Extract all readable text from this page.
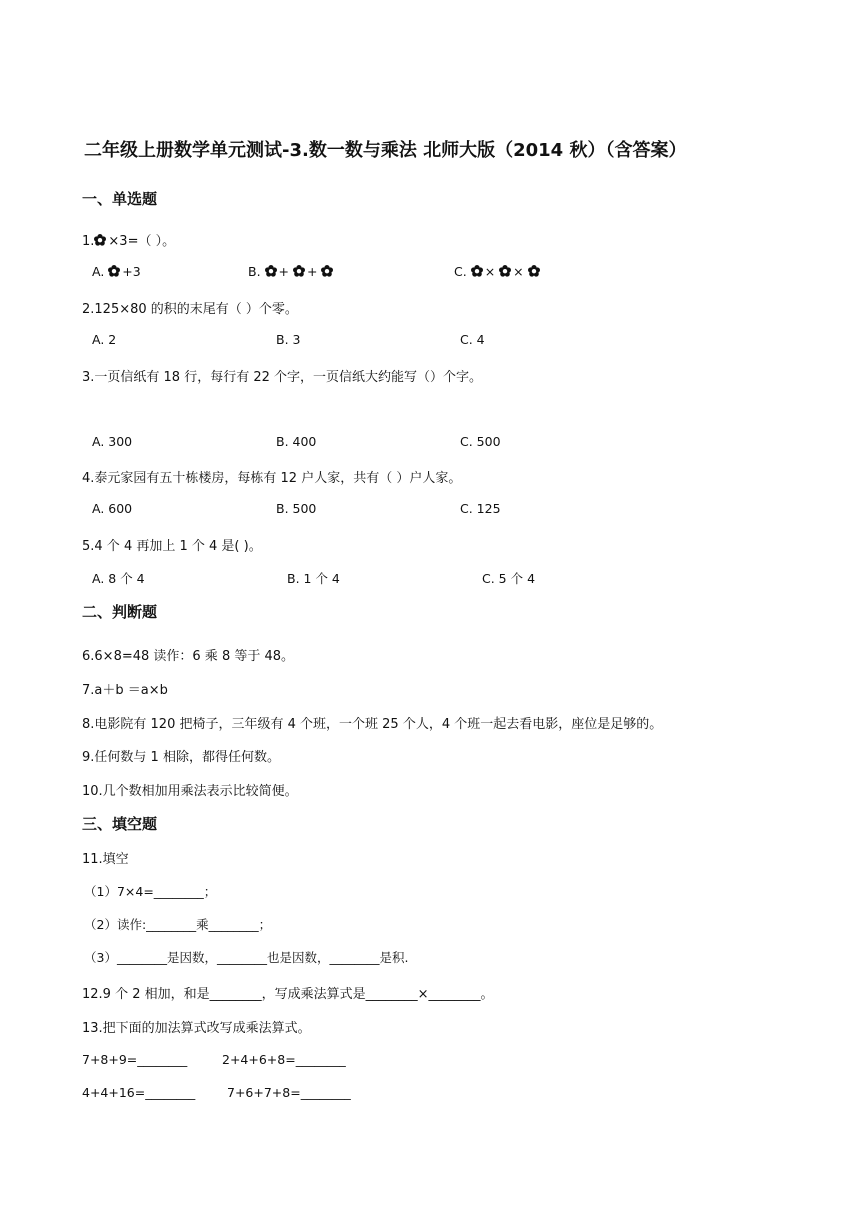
二年级上册数学单元测试-3.数一数与乘法 北师大版（2014 秋）（含答案）
一、单选题
1. ×3=（ ）。
A. +3	B. + +	C. × ×
2.125×80 的积的末尾有（ ）个零。
A. 2	B. 3	C. 4
3.一页信纸有 18 行，每行有 22 个字，一页信纸大约能写（）个字。
A. 300	B. 400	C. 500
4.泰元家园有五十栋楼房，每栋有 12 户人家，共有（ ）户人家。
A. 600	B. 500	C. 125
5.4 个 4 再加上 1 个 4 是( )。
A. 8 个 4	B. 1 个 4	C. 5 个 4
二、判断题
6.6×8=48 读作：6 乘 8 等于 48。
7.a＋b ＝a×b
8.电影院有 120 把椅子，三年级有 4 个班，一个班 25 个人，4 个班一起去看电影，座位是足够的。
9.任何数与 1 相除，都得任何数。
10.几个数相加用乘法表示比较简便。
三、填空题
11.填空
（1）7×4=________；
（2）读作:________乘________；
（3）________是因数，________也是因数，________是积.
12.9 个 2 相加，和是________，写成乘法算式是________×________。
13.把下面的加法算式改写成乘法算式。
7+8+9=________	2+4+6+8=________
4+4+16=________	7+6+7+8=________
